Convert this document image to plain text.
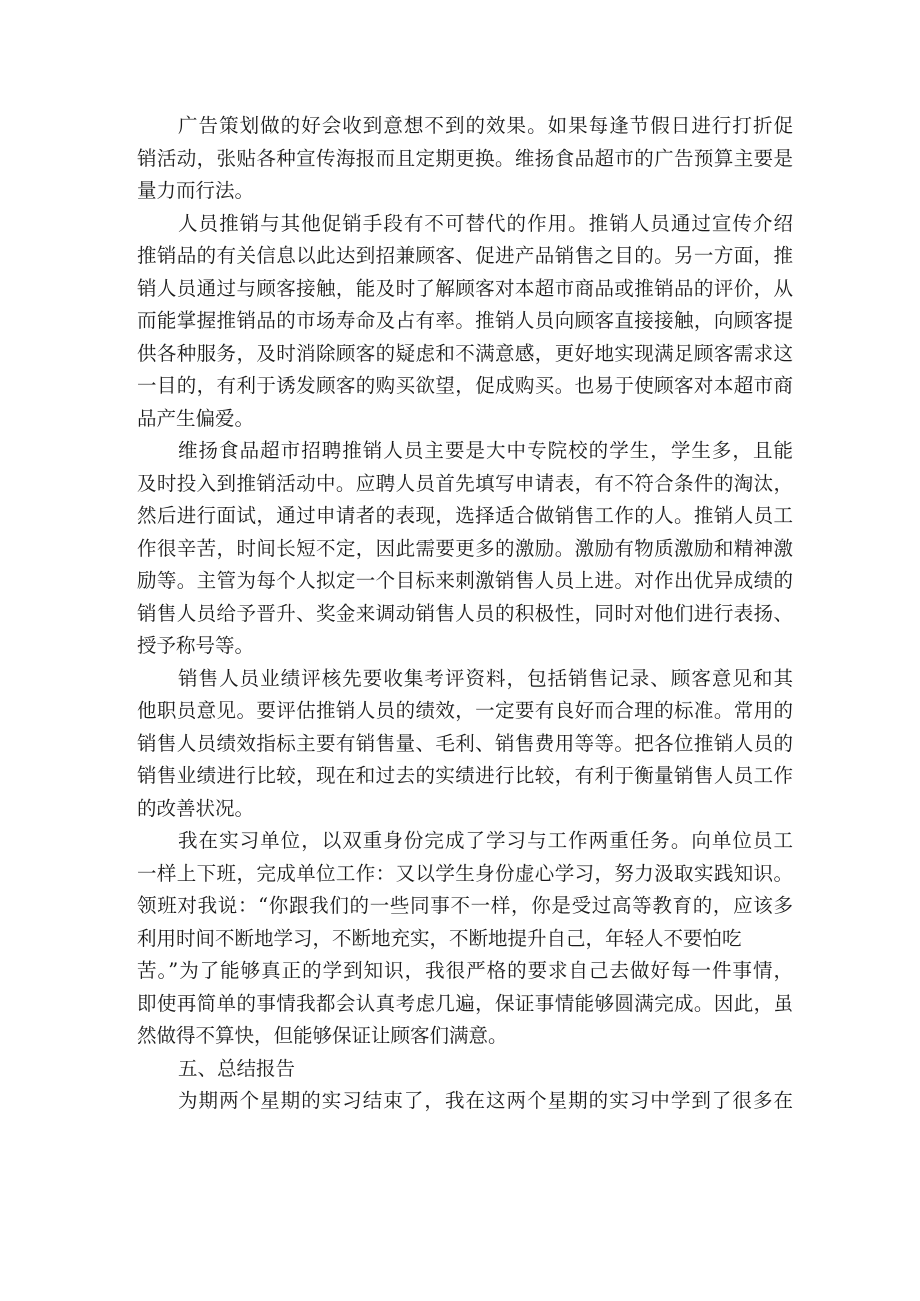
广告策划做的好会收到意想不到的效果。如果每逢节假日进行打折促
销活动，张贴各种宣传海报而且定期更换。维扬食品超市的广告预算主要是
量力而行法。
人员推销与其他促销手段有不可替代的作用。推销人员通过宣传介绍
推销品的有关信息以此达到招兼顾客、促进产品销售之目的。另一方面，推
销人员通过与顾客接触，能及时了解顾客对本超市商品或推销品的评价，从
而能掌握推销品的市场寿命及占有率。推销人员向顾客直接接触，向顾客提
供各种服务，及时消除顾客的疑虑和不满意感，更好地实现满足顾客需求这
一目的，有利于诱发顾客的购买欲望，促成购买。也易于使顾客对本超市商
品产生偏爱。
维扬食品超市招聘推销人员主要是大中专院校的学生，学生多，且能
及时投入到推销活动中。应聘人员首先填写申请表，有不符合条件的淘汰，
然后进行面试，通过申请者的表现，选择适合做销售工作的人。推销人员工
作很辛苦，时间长短不定，因此需要更多的激励。激励有物质激励和精神激
励等。主管为每个人拟定一个目标来刺激销售人员上进。对作出优异成绩的
销售人员给予晋升、奖金来调动销售人员的积极性，同时对他们进行表扬、
授予称号等。
销售人员业绩评核先要收集考评资料，包括销售记录、顾客意见和其
他职员意见。要评估推销人员的绩效，一定要有良好而合理的标准。常用的
销售人员绩效指标主要有销售量、毛利、销售费用等等。把各位推销人员的
销售业绩进行比较，现在和过去的实绩进行比较，有利于衡量销售人员工作
的改善状况。
我在实习单位，以双重身份完成了学习与工作两重任务。向单位员工
一样上下班，完成单位工作：又以学生身份虚心学习，努力汲取实践知识。
领班对我说：“你跟我们的一些同事不一样，你是受过高等教育的，应该多
利用时间不断地学习，不断地充实，不断地提升自己，年轻人不要怕吃
苦。”为了能够真正的学到知识，我很严格的要求自己去做好每一件事情，
即使再简单的事情我都会认真考虑几遍，保证事情能够圆满完成。因此，虽
然做得不算快，但能够保证让顾客们满意。
五、总结报告
为期两个星期的实习结束了，我在这两个星期的实习中学到了很多在
